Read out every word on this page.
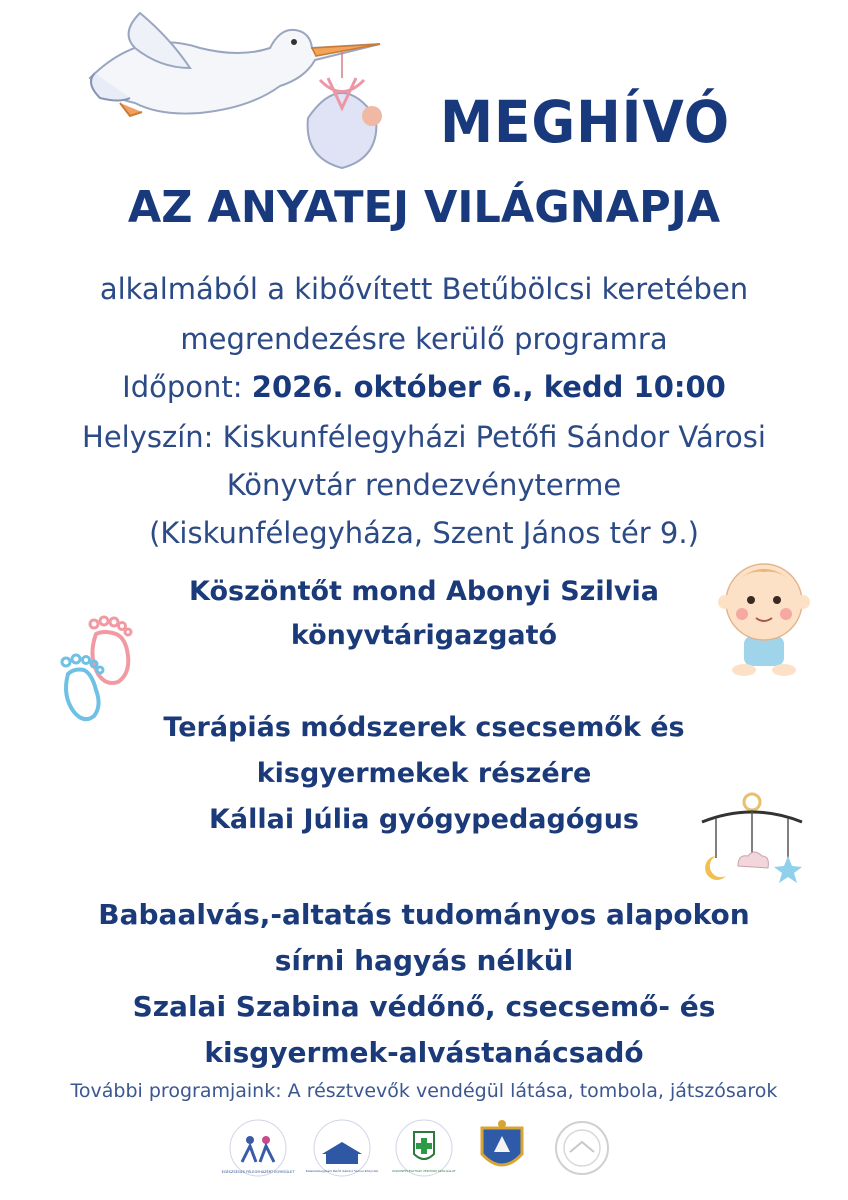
MEGHÍVÓ
AZ ANYATEJ VILÁGNAPJA
alkalmából a kibővített Betűbölcsi keretében
megrendezésre kerülő programra
Időpont: 2026. október 6., kedd 10:00
Helyszín: Kiskunfélegyházi Petőfi Sándor Városi
Könyvtár rendezvényterme
(Kiskunfélegyháza, Szent János tér 9.)
Köszöntőt mond Abonyi Szilvia
könyvtárigazgató
Terápiás módszerek csecsemők és
kisgyermekek részére
Kállai Júlia gyógypedagógus
Babaalvás,-altatás tudományos alapokon
sírni hagyás nélkül
Szalai Szabina védőnő, csecsemő- és
kisgyermek-alvástanácsadó
További programjaink: A résztvevők vendégül látása, tombola, játszósarok
EGÉSZSÉGES FÉLEGYHÁZÉRT EGYESÜLET	Kiskunfélegyházi Petőfi Sándor Városi Könyvtár	KISKUNFÉLEGYHÁZI VÉDŐNŐI SZOLGÁLAT
